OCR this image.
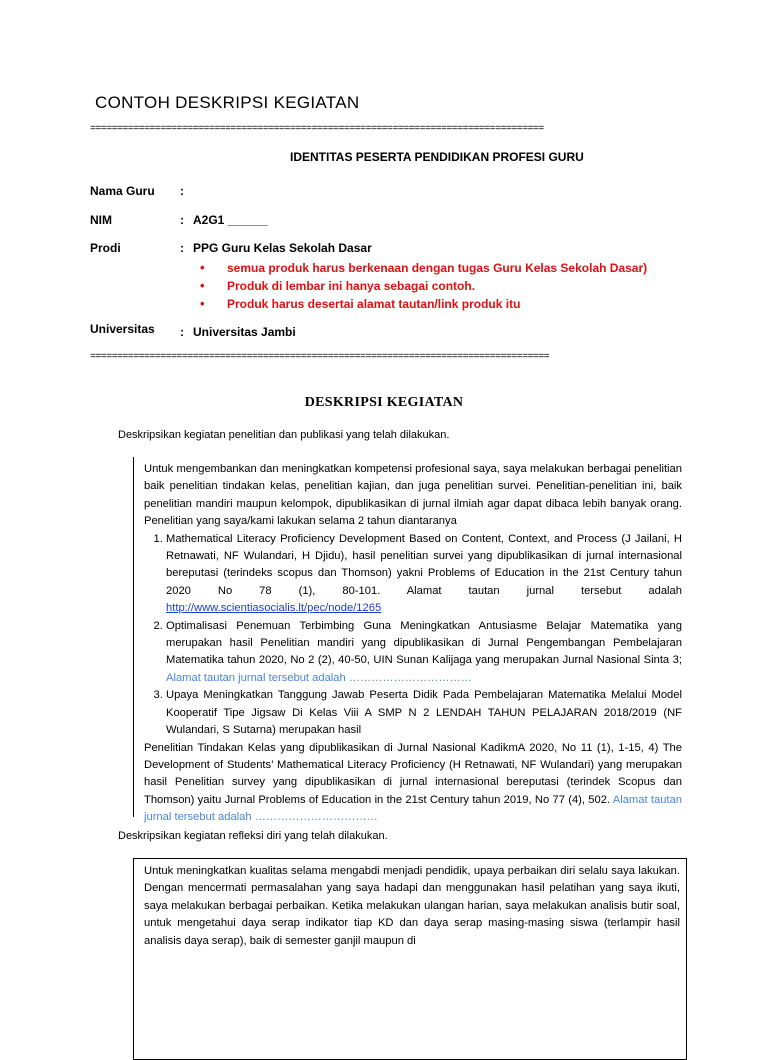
CONTOH DESKRIPSI KEGIATAN
====================================================================================
IDENTITAS PESERTA PENDIDIKAN PROFESI GURU
Nama Guru :
NIM	: A2G1 ______
Prodi	: PPG Guru Kelas Sekolah Dasar
• semua produk harus berkenaan dengan tugas Guru Kelas Sekolah Dasar)
• Produk di lembar ini hanya sebagai contoh.
• Produk harus desertai alamat tautan/link produk itu
Universitas : Universitas Jambi
=====================================================================================
DESKRIPSI KEGIATAN
Deskripsikan kegiatan penelitian dan publikasi yang telah dilakukan.

Untuk mengembankan dan meningkatkan kompetensi profesional saya, saya melakukan berbagai penelitian baik penelitian tindakan kelas, penelitian kajian, dan juga penelitian survei. Penelitian-penelitian ini, baik penelitian mandiri maupun kelompok, dipublikasikan di jurnal ilmiah agar dapat dibaca lebih banyak orang. Penelitian yang saya/kami lakukan selama 2 tahun diantaranya

1. Mathematical Literacy Proficiency Development Based on Content, Context, and Process (J Jailani, H Retnawati, NF Wulandari, H Djidu), hasil penelitian survei yang dipublikasikan di jurnal internasional bereputasi (terindeks scopus dan Thomson) yakni Problems of Education in the 21st Century tahun 2020 No 78 (1), 80-101. Alamat tautan jurnal tersebut adalah http://www.scientiasocialis.lt/pec/node/1265
2. Optimalisasi Penemuan Terbimbing Guna Meningkatkan Antusiasme Belajar Matematika yang merupakan hasil Penelitian mandiri yang dipublikasikan di Jurnal Pengembangan Pembelajaran Matematika tahun 2020, No 2 (2), 40-50, UIN Sunan Kalijaga yang merupakan Jurnal Nasional Sinta 3; Alamat tautan jurnal tersebut adalah ……………………………
3. Upaya Meningkatkan Tanggung Jawab Peserta Didik Pada Pembelajaran Matematika Melalui Model Kooperatif Tipe Jigsaw Di Kelas Viii A SMP N 2 LENDAH TAHUN PELAJARAN 2018/2019 (NF Wulandari, S Sutarna) merupakan hasil

Penelitian Tindakan Kelas yang dipublikasikan di Jurnal Nasional KadikmA 2020, No 11 (1), 1-15, 4) The Development of Students’ Mathematical Literacy Proficiency (H Retnawati, NF Wulandari) yang merupakan hasil Penelitian survey yang dipublikasikan di jurnal internasional bereputasi (terindek Scopus dan Thomson) yaitu Jurnal Problems of Education in the 21st Century tahun 2019, No 77 (4), 502. Alamat tautan jurnal tersebut adalah ……………………………

Deskripsikan kegiatan refleksi diri yang telah dilakukan.
Untuk meningkatkan kualitas selama mengabdi menjadi pendidik, upaya perbaikan diri selalu saya lakukan. Dengan mencermati permasalahan yang saya hadapi dan menggunakan hasil pelatihan yang saya ikuti, saya melakukan berbagai perbaikan. Ketika melakukan ulangan harian, saya melakukan analisis butir soal, untuk mengetahui daya serap indikator tiap KD dan daya serap masing-masing siswa (terlampir hasil analisis daya serap), baik di semester ganjil maupun di
